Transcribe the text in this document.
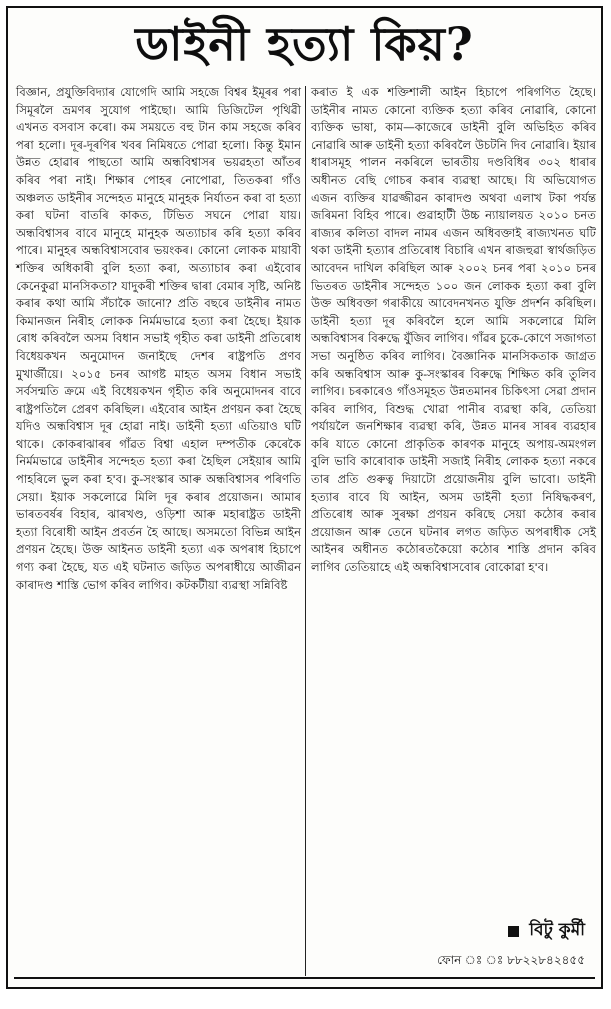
ডাইনী হত্যা কিয়?

বিজ্ঞান, প্ৰযুক্তিবিদ্যাৰ যোগেদি আমি সহজে বিশ্বৰ ইমূৰৰ পৰা সিমূৰলৈ ভ্ৰমণৰ সুযোগ পাইছো। আমি ডিজিটেল পৃথিৱী এখনত বসবাস কৰো। কম সময়তে বহু টান কাম সহজে কৰিব পৰা হলো। দূৰ-দূৰণিৰ খবৰ নিমিষতে পোৱা হলো। কিন্তু ইমান উন্নত হোৱাৰ পাছতো আমি অন্ধবিশ্বাসৰ ভয়ৱহতা আঁতৰ কৰিব পৰা নাই। শিক্ষাৰ পোহৰ নোপোৱা, তিতকৰা গাঁও অঞ্চলত ডাইনীৰ সন্দেহত মানুহে মানুহক নিৰ্যাতন কৰা বা হত্যা কৰা ঘটনা বাতৰি কাকত, টিভিত সঘনে পোৱা যায়। অন্ধবিশ্বাসৰ বাবে মানুহে মানুহক অত্যাচাৰ কৰি হত্যা কৰিব পাৰে। মানুহৰ অন্ধবিশ্বাসবোৰ ভয়ংকৰ। কোনো লোকক মায়াবী শক্তিৰ অধিকাৰী বুলি হত্যা কৰা, অত্যাচাৰ কৰা এইবোৰ কেনেকুৱা মানসিকতা? যাদুকৰী শক্তিৰ দ্বাৰা বেমাৰ সৃষ্টি, অনিষ্ট কৰাৰ কথা আমি সঁচাকৈ জানো? প্ৰতি বছৰে ডাইনীৰ নামত কিমানজন নিৰীহ লোকক নিৰ্মমভাৱে হত্যা কৰা হৈছে। ইয়াক ৰোধ কৰিবলৈ অসম বিধান সভাই গৃহীত কৰা ডাইনী প্ৰতিৰোধ বিধেয়কখন অনুমোদন জনাইছে দেশৰ ৰাষ্ট্ৰপতি প্ৰণব মুখাৰ্জীয়ে। ২০১৫ চনৰ আগষ্ট মাহত অসম বিধান সভাই সৰ্বসন্মতি ক্ৰমে এই বিধেয়কখন গৃহীত কৰি অনুমোদনৰ বাবে ৰাষ্ট্ৰপতিলৈ প্ৰেৰণ কৰিছিল। এইবোৰ আইন প্ৰণয়ন কৰা হৈছে যদিও অন্ধবিশ্বাস দূৰ হোৱা নাই। ডাইনী হত্যা এতিয়াও ঘটি থাকে। কোকৰাঝাৰৰ গাঁৱত বিশ্বা এহাল দম্পতীক কেৰেকৈ নিৰ্মমভাৱে ডাইনীৰ সন্দেহত হত্যা কৰা হৈছিল সেইয়াৰ আমি পাহৰিলে ভুল কৰা হ'ব। কু-সংস্কাৰ আৰু অন্ধবিশ্বাসৰ পৰিণতি সেয়া। ইয়াক সকলোৱে মিলি দূৰ কৰাৰ প্ৰয়োজন। আমাৰ ভাৰতবৰ্ষৰ বিহাৰ, ঝাৰখণ্ড, ওড়িশা আৰু মহাৰাষ্ট্ৰত ডাইনী হত্যা বিৰোধী আইন প্ৰবৰ্তন হৈ আছে। অসমতো বিভিন্ন আইন প্ৰণয়ন হৈছে। উক্ত আইনত ডাইনী হত্যা এক অপৰাধ হিচাপে গণ্য কৰা হৈছে, যত এই ঘটনাত জড়িত অপৰাধীয়ে আজীৱন কাৰাদণ্ড শাস্তি ভোগ কৰিব লাগিব। কটকটীয়া ব্যৱস্থা সন্নিবিষ্ট

কৰাত ই এক শক্তিশালী আইন হিচাপে পৰিগণিত হৈছে। ডাইনীৰ নামত কোনো ব্যক্তিক হত্যা কৰিব নোৱাৰি, কোনো ব্যক্তিক ভাষা, কাম—কাজেৰে ডাইনী বুলি অভিহিত কৰিব নোৱাৰি আৰু ডাইনী হত্যা কৰিবলৈ উচটনি দিব নোৱাৰি। ইয়াৰ ধাৰাসমূহ পালন নকৰিলে ভাৰতীয় দণ্ডবিধিৰ ৩০২ ধাৰাৰ অধীনত বেছি গোচৰ কৰাৰ ব্যৱস্থা আছে। যি অভিযোগত এজন ব্যক্তিৰ যাৱজ্জীৱন কাৰাদণ্ড অথবা এলাখ টকা পৰ্যন্ত জৰিমনা বিহিব পাৰে। গুৱাহাটী উচ্চ ন্যায়ালয়ত ২০১০ চনত ৰাজ্যৰ কলিতা বাদল নামৰ এজন অধিবক্তাই ৰাজ্যখনত ঘটি থকা ডাইনী হত্যাৰ প্ৰতিৰোধ বিচাৰি এখন ৰাজহুৱা স্বাৰ্থজড়িত আবেদন দাখিল কৰিছিল আৰু ২০০২ চনৰ পৰা ২০১০ চনৰ ভিতৰত ডাইনীৰ সন্দেহত ১০০ জন লোকক হত্যা কৰা বুলি উক্ত অধিবক্তা গৰাকীয়ে আবেদনখনত যুক্তি প্ৰদৰ্শন কৰিছিল। ডাইনী হত্যা দূৰ কৰিবলৈ হলে আমি সকলোৱে মিলি অন্ধবিশ্বাসৰ বিৰুদ্ধে যুঁজিব লাগিব। গাঁৱৰ চুকে-কোণে সজাগতা সভা অনুষ্ঠিত কৰিব লাগিব। বৈজ্ঞানিক মানসিকতাক জাগ্ৰত কৰি অন্ধবিশ্বাস আৰু কু-সংস্কাৰৰ বিৰুদ্ধে শিক্ষিত কৰি তুলিব লাগিব। চৰকাৰেও গাঁওসমূহত উন্নতমানৰ চিকিৎসা সেৱা প্ৰদান কৰিব লাগিব, বিশুদ্ধ খোৱা পানীৰ ব্যৱস্থা কৰি, তেতিয়া পৰ্যায়লৈ জনশিক্ষাৰ ব্যৱস্থা কৰি, উন্নত মানৰ সাৰৰ ব্যৱহাৰ কৰি যাতে কোনো প্ৰাকৃতিক কাৰণক মানুহে অপায়-অমংগল বুলি ভাবি কাৰোবাক ডাইনী সজাই নিৰীহ লোকক হত্যা নকৰে তাৰ প্ৰতি গুৰুত্ব দিয়াটো প্ৰয়োজনীয় বুলি ভাবো। ডাইনী হত্যাৰ বাবে যি আইন, অসম ডাইনী হত্যা নিষিদ্ধকৰণ, প্ৰতিৰোধ আৰু সুৰক্ষা প্ৰণয়ন কৰিছে সেয়া কঠোৰ কৰাৰ প্ৰয়োজন আৰু তেনে ঘটনাৰ লগত জড়িত অপৰাধীক সেই আইনৰ অধীনত কঠোৰতকৈয়ো কঠোৰ শাস্তি প্ৰদান কৰিব লাগিব তেতিয়াহে এই অন্ধবিশ্বাসবোৰ বোকোৱা হ'ব।

বিটু কুৰ্মী
ফোন ঃ ঃ ৮৮২২৮৪২৪৫৫
